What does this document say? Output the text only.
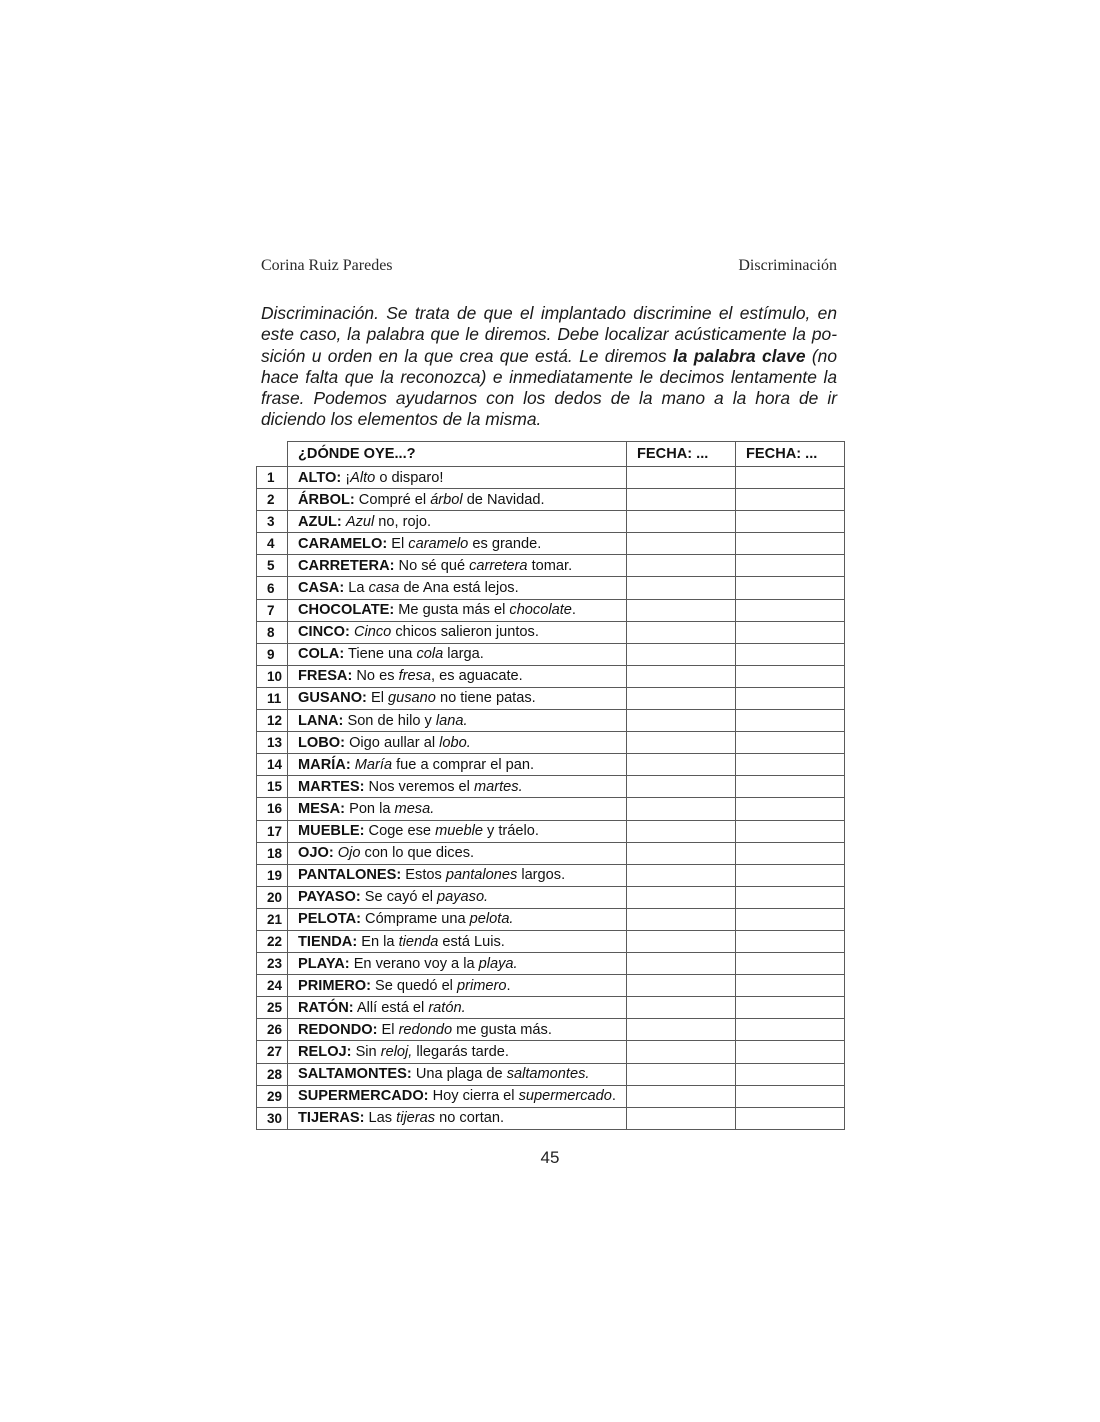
Corina Ruiz Paredes	Discriminación

Discriminación. Se trata de que el implantado discrimine el estímulo, en este caso, la palabra que le diremos. Debe localizar acústicamente la posición u orden en la que crea que está. Le diremos la palabra clave (no hace falta que la reconozca) e inmediatamente le decimos lentamente la frase. Podemos ayudarnos con los dedos de la mano a la hora de ir diciendo los elementos de la misma.

	¿DÓNDE OYE...?	FECHA: ...	FECHA: ...
1	ALTO: ¡Alto o disparo!		
2	ÁRBOL: Compré el árbol de Navidad.		
3	AZUL: Azul no, rojo.		
4	CARAMELO: El caramelo es grande.		
5	CARRETERA: No sé qué carretera tomar.		
6	CASA: La casa de Ana está lejos.		
7	CHOCOLATE: Me gusta más el chocolate.		
8	CINCO: Cinco chicos salieron juntos.		
9	COLA: Tiene una cola larga.		
10	FRESA: No es fresa, es aguacate.		
11	GUSANO: El gusano no tiene patas.		
12	LANA: Son de hilo y lana.		
13	LOBO: Oigo aullar al lobo.		
14	MARÍA: María fue a comprar el pan.		
15	MARTES: Nos veremos el martes.		
16	MESA: Pon la mesa.		
17	MUEBLE: Coge ese mueble y tráelo.		
18	OJO: Ojo con lo que dices.		
19	PANTALONES: Estos pantalones largos.		
20	PAYASO: Se cayó el payaso.		
21	PELOTA: Cómprame una pelota.		
22	TIENDA: En la tienda está Luis.		
23	PLAYA: En verano voy a la playa.		
24	PRIMERO: Se quedó el primero.		
25	RATÓN: Allí está el ratón.		
26	REDONDO: El redondo me gusta más.		
27	RELOJ: Sin reloj, llegarás tarde.		
28	SALTAMONTES: Una plaga de saltamontes.		
29	SUPERMERCADO: Hoy cierra el supermercado.		
30	TIJERAS: Las tijeras no cortan.		
45
